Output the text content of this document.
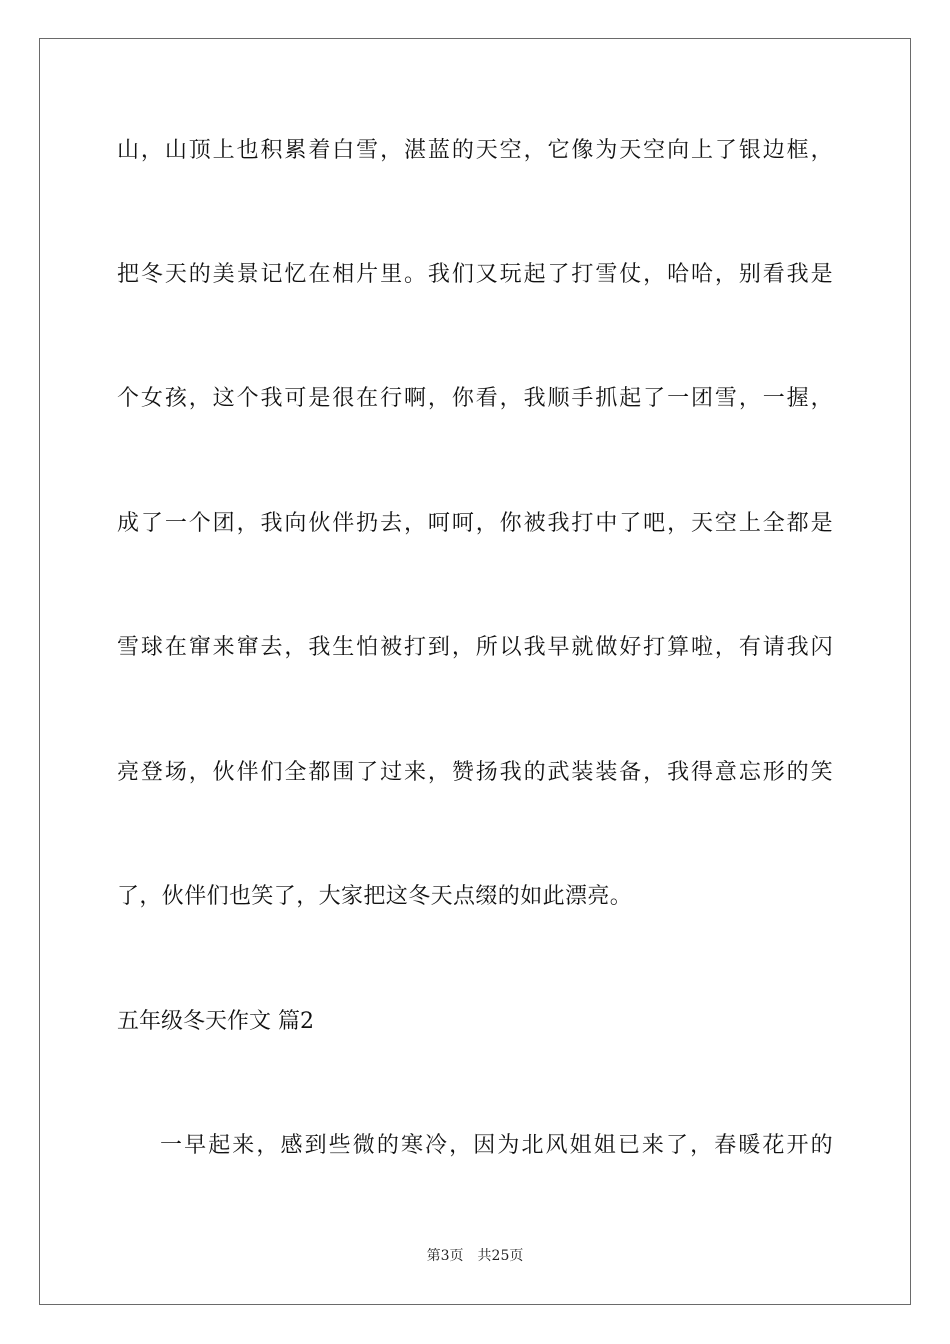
山，山顶上也积累着白雪，湛蓝的天空，它像为天空向上了银边框，
把冬天的美景记忆在相片里。我们又玩起了打雪仗，哈哈，别看我是
个女孩，这个我可是很在行啊，你看，我顺手抓起了一团雪，一握，
成了一个团，我向伙伴扔去，呵呵，你被我打中了吧，天空上全都是
雪球在窜来窜去，我生怕被打到，所以我早就做好打算啦，有请我闪
亮登场，伙伴们全都围了过来，赞扬我的武装装备，我得意忘形的笑
了，伙伴们也笑了，大家把这冬天点缀的如此漂亮。
五年级冬天作文 篇2
一早起来，感到些微的寒冷，因为北风姐姐已来了，春暖花开的
第3页 共25页
